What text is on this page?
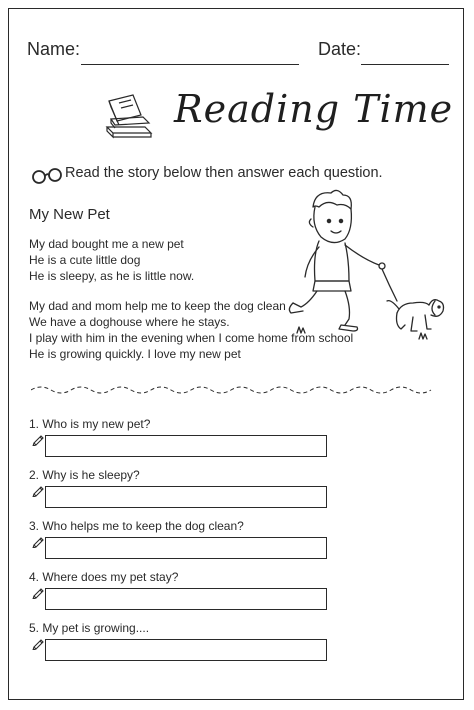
Name:	Date:
Reading Time
Read the story below then answer each question.
My New Pet
My dad bought me a new pet
He is a cute little dog
He is sleepy, as he is little now.
My dad and mom help me to keep the dog clean
We have a doghouse where he stays.
I play with him in the evening when I come home from school
He is growing quickly. I love my new pet
1. Who is my new pet?
2. Why is he sleepy?
3. Who helps me to keep the dog clean?
4. Where does my pet stay?
5. My pet is growing....
